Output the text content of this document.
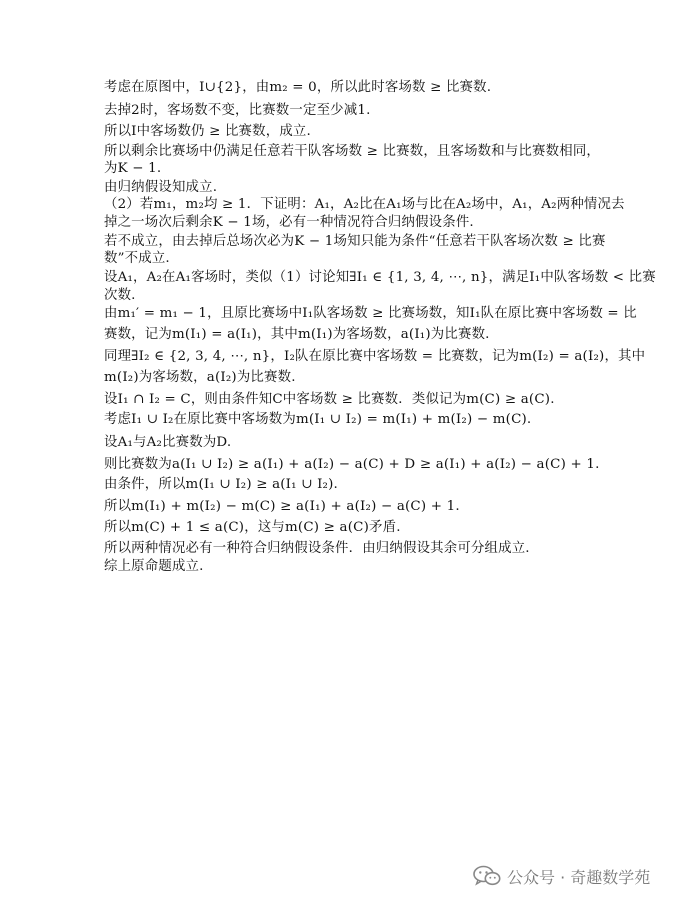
考虑在原图中，I∪{2}，由m₂ = 0，所以此时客场数 ≥ 比赛数.
去掉2时，客场数不变，比赛数一定至少减1.
所以I中客场数仍 ≥ 比赛数，成立.
所以剩余比赛场中仍满足任意若干队客场数 ≥ 比赛数，且客场数和与比赛数相同，
为K − 1.
由归纳假设知成立.
（2）若m₁，m₂均 ≥ 1．下证明：A₁，A₂比在A₁场与比在A₂场中，A₁，A₂两种情况去
掉之一场次后剩余K − 1场，必有一种情况符合归纳假设条件.
若不成立，由去掉后总场次必为K − 1场知只能为条件“任意若干队客场次数 ≥ 比赛
数”不成立.
设A₁，A₂在A₁客场时，类似（1）讨论知∃I₁ ∈ {1, 3, 4, ⋯, n}，满足I₁中队客场数 < 比赛
次数.
由m₁′ = m₁ − 1，且原比赛场中I₁队客场数 ≥ 比赛场数，知I₁队在原比赛中客场数 = 比
赛数，记为m(I₁) = a(I₁)，其中m(I₁)为客场数，a(I₁)为比赛数.
同理∃I₂ ∈ {2, 3, 4, ⋯, n}，I₂队在原比赛中客场数 = 比赛数，记为m(I₂) = a(I₂)，其中
m(I₂)为客场数，a(I₂)为比赛数.
设I₁ ∩ I₂ = C，则由条件知C中客场数 ≥ 比赛数．类似记为m(C) ≥ a(C).
考虑I₁ ∪ I₂在原比赛中客场数为m(I₁ ∪ I₂) = m(I₁) + m(I₂) − m(C).
设A₁与A₂比赛数为D.
则比赛数为a(I₁ ∪ I₂) ≥ a(I₁) + a(I₂) − a(C) + D ≥ a(I₁) + a(I₂) − a(C) + 1.
由条件，所以m(I₁ ∪ I₂) ≥ a(I₁ ∪ I₂).
所以m(I₁) + m(I₂) − m(C) ≥ a(I₁) + a(I₂) − a(C) + 1.
所以m(C) + 1 ≤ a(C)，这与m(C) ≥ a(C)矛盾.
所以两种情况必有一种符合归纳假设条件．由归纳假设其余可分组成立.
综上原命题成立.
公众号 · 奇趣数学苑
